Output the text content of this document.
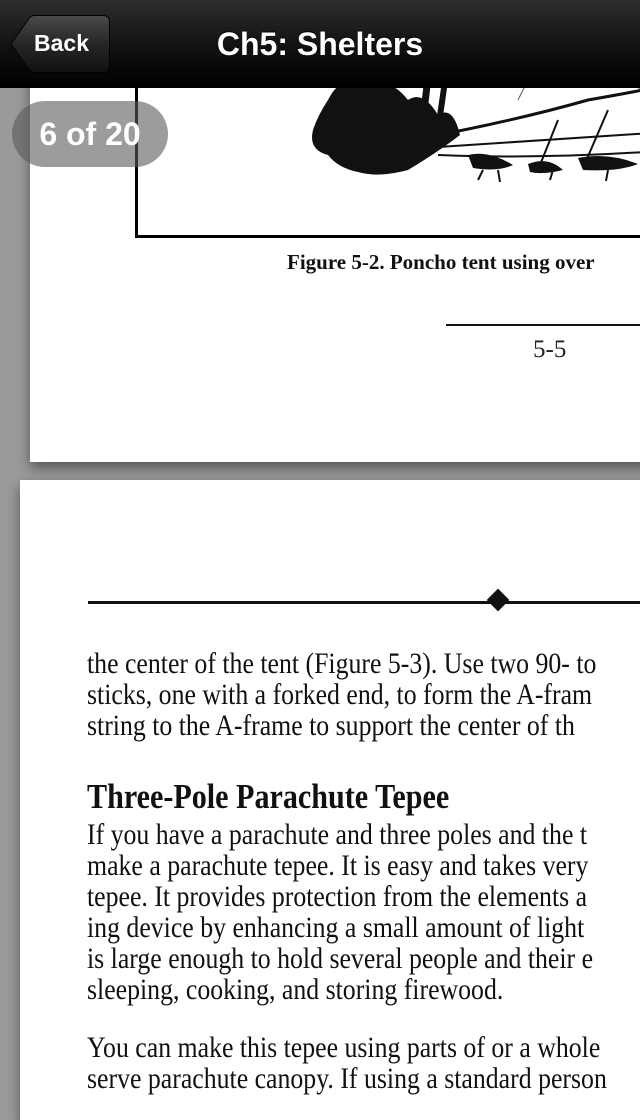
Back	Ch5: Shelters
6 of 20
Figure 5-2. Poncho tent using over
5-5
the center of the tent (Figure 5-3). Use two 90- to
sticks, one with a forked end, to form the A-fram
string to the A-frame to support the center of th
Three-Pole Parachute Tepee
If you have a parachute and three poles and the t
make a parachute tepee. It is easy and takes very
tepee. It provides protection from the elements a
ing device by enhancing a small amount of light
is large enough to hold several people and their e
sleeping, cooking, and storing firewood.
You can make this tepee using parts of or a whole
serve parachute canopy. If using a standard person
